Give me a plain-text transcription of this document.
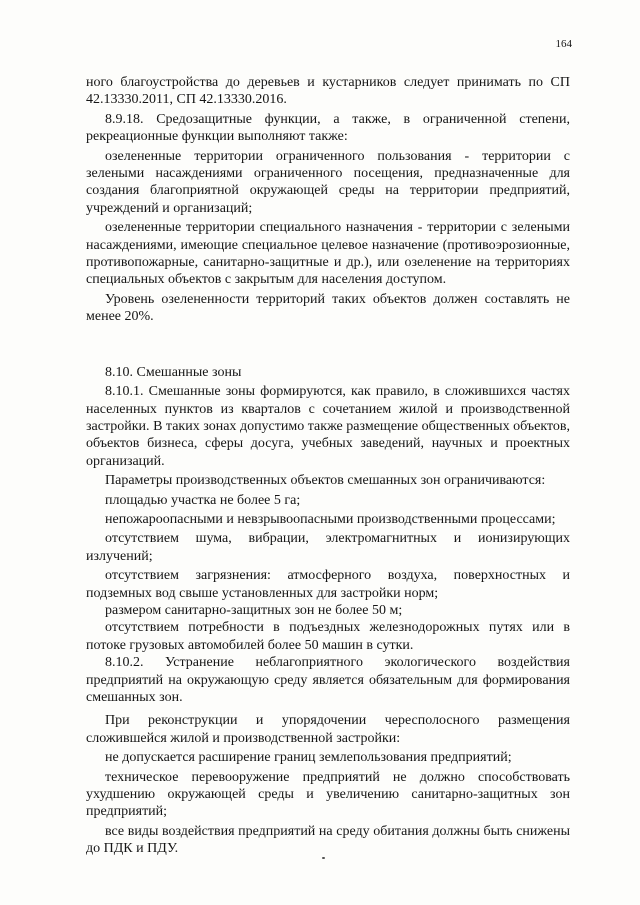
164

ного благоустройства до деревьев и кустарников следует принимать по СП 42.13330.2011, СП 42.13330.2016.

8.9.18. Средозащитные функции, а также, в ограниченной степени, рекреационные функции выполняют также:

озелененные территории ограниченного пользования - территории с зелеными насаждениями ограниченного посещения, предназначенные для создания благоприятной окружающей среды на территории предприятий, учреждений и организаций;

озелененные территории специального назначения - территории с зелеными насаждениями, имеющие специальное целевое назначение (противоэрозионные, противопожарные, санитарно-защитные и др.), или озеленение на территориях специальных объектов с закрытым для населения доступом.

Уровень озелененности территорий таких объектов должен составлять не менее 20%.

8.10. Смешанные зоны

8.10.1. Смешанные зоны формируются, как правило, в сложившихся частях населенных пунктов из кварталов с сочетанием жилой и производственной застройки. В таких зонах допустимо также размещение общественных объектов, объектов бизнеса, сферы досуга, учебных заведений, научных и проектных организаций.

Параметры производственных объектов смешанных зон ограничиваются:

площадью участка не более 5 га;

непожароопасными и невзрывоопасными производственными процессами;

отсутствием шума, вибрации, электромагнитных и ионизирующих излучений;

отсутствием загрязнения: атмосферного воздуха, поверхностных и подземных вод свыше установленных для застройки норм;

размером санитарно-защитных зон не более 50 м;

отсутствием потребности в подъездных железнодорожных путях или в потоке грузовых автомобилей более 50 машин в сутки.

8.10.2. Устранение неблагоприятного экологического воздействия предприятий на окружающую среду является обязательным для формирования смешанных зон.

При реконструкции и упорядочении чересполосного размещения сложившейся жилой и производственной застройки:

не допускается расширение границ землепользования предприятий;

техническое перевооружение предприятий не должно способствовать ухудшению окружающей среды и увеличению санитарно-защитных зон предприятий;

все виды воздействия предприятий на среду обитания должны быть снижены до ПДК и ПДУ.
